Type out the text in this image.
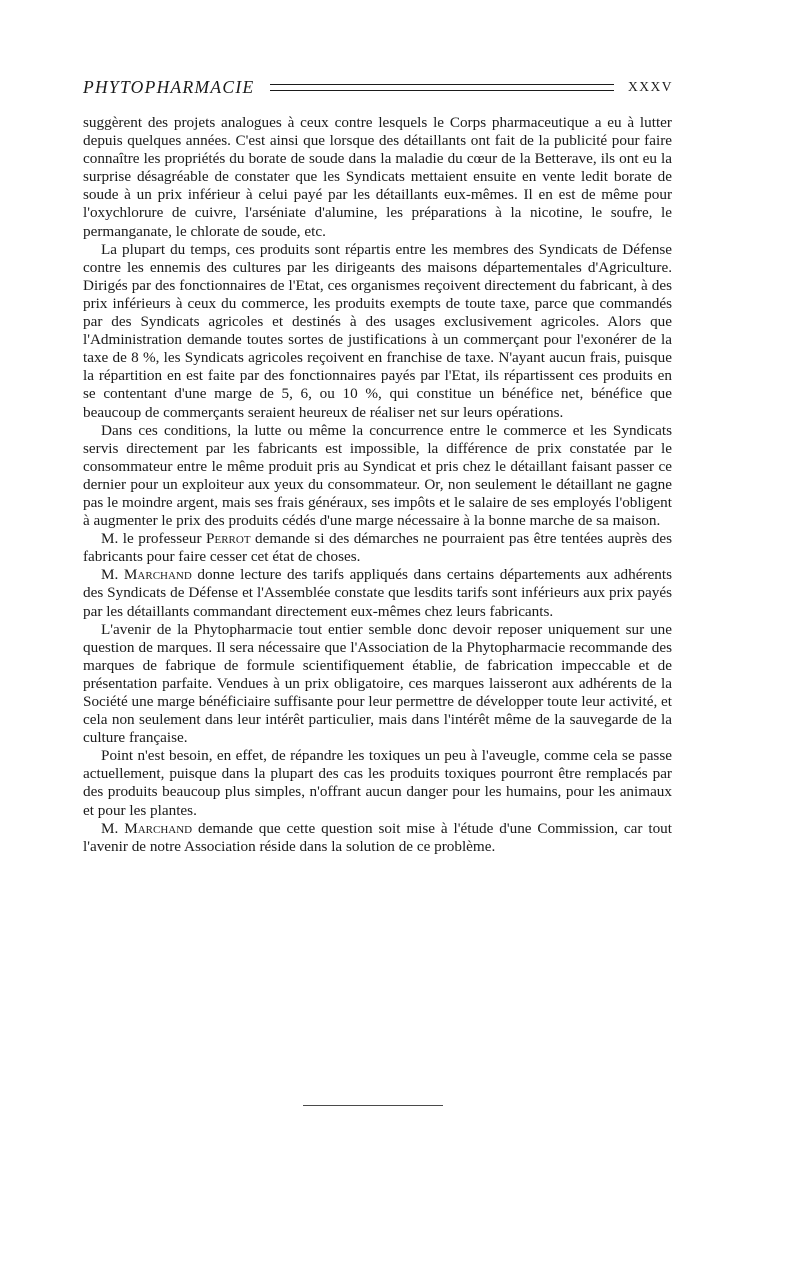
PHYTOPHARMACIE	XXXV

suggèrent des projets analogues à ceux contre lesquels le Corps pharmaceutique a eu à lutter depuis quelques années. C'est ainsi que lorsque des détaillants ont fait de la publicité pour faire connaître les propriétés du borate de soude dans la maladie du cœur de la Betterave, ils ont eu la surprise désagréable de constater que les Syndicats mettaient ensuite en vente ledit borate de soude à un prix inférieur à celui payé par les détaillants eux-mêmes. Il en est de même pour l'oxychlorure de cuivre, l'arséniate d'alumine, les préparations à la nicotine, le soufre, le permanganate, le chlorate de soude, etc.

La plupart du temps, ces produits sont répartis entre les membres des Syndicats de Défense contre les ennemis des cultures par les dirigeants des maisons départementales d'Agriculture. Dirigés par des fonctionnaires de l'Etat, ces organismes reçoivent directement du fabricant, à des prix inférieurs à ceux du commerce, les produits exempts de toute taxe, parce que commandés par des Syndicats agricoles et destinés à des usages exclusivement agricoles. Alors que l'Administration demande toutes sortes de justifications à un commerçant pour l'exonérer de la taxe de 8 %, les Syndicats agricoles reçoivent en franchise de taxe. N'ayant aucun frais, puisque la répartition en est faite par des fonctionnaires payés par l'Etat, ils répartissent ces produits en se contentant d'une marge de 5, 6, ou 10 %, qui constitue un bénéfice net, bénéfice que beaucoup de commerçants seraient heureux de réaliser net sur leurs opérations.

Dans ces conditions, la lutte ou même la concurrence entre le commerce et les Syndicats servis directement par les fabricants est impossible, la différence de prix constatée par le consommateur entre le même produit pris au Syndicat et pris chez le détaillant faisant passer ce dernier pour un exploiteur aux yeux du consommateur. Or, non seulement le détaillant ne gagne pas le moindre argent, mais ses frais généraux, ses impôts et le salaire de ses employés l'obligent à augmenter le prix des produits cédés d'une marge nécessaire à la bonne marche de sa maison.

M. le professeur Perrot demande si des démarches ne pourraient pas être tentées auprès des fabricants pour faire cesser cet état de choses.

M. Marchand donne lecture des tarifs appliqués dans certains départements aux adhérents des Syndicats de Défense et l'Assemblée constate que lesdits tarifs sont inférieurs aux prix payés par les détaillants commandant directement eux-mêmes chez leurs fabricants.

L'avenir de la Phytopharmacie tout entier semble donc devoir reposer uniquement sur une question de marques. Il sera nécessaire que l'Association de la Phytopharmacie recommande des marques de fabrique de formule scientifiquement établie, de fabrication impeccable et de présentation parfaite. Vendues à un prix obligatoire, ces marques laisseront aux adhérents de la Société une marge bénéficiaire suffisante pour leur permettre de développer toute leur activité, et cela non seulement dans leur intérêt particulier, mais dans l'intérêt même de la sauvegarde de la culture française.

Point n'est besoin, en effet, de répandre les toxiques un peu à l'aveugle, comme cela se passe actuellement, puisque dans la plupart des cas les produits toxiques pourront être remplacés par des produits beaucoup plus simples, n'offrant aucun danger pour les humains, pour les animaux et pour les plantes.

M. Marchand demande que cette question soit mise à l'étude d'une Commission, car tout l'avenir de notre Association réside dans la solution de ce problème.
